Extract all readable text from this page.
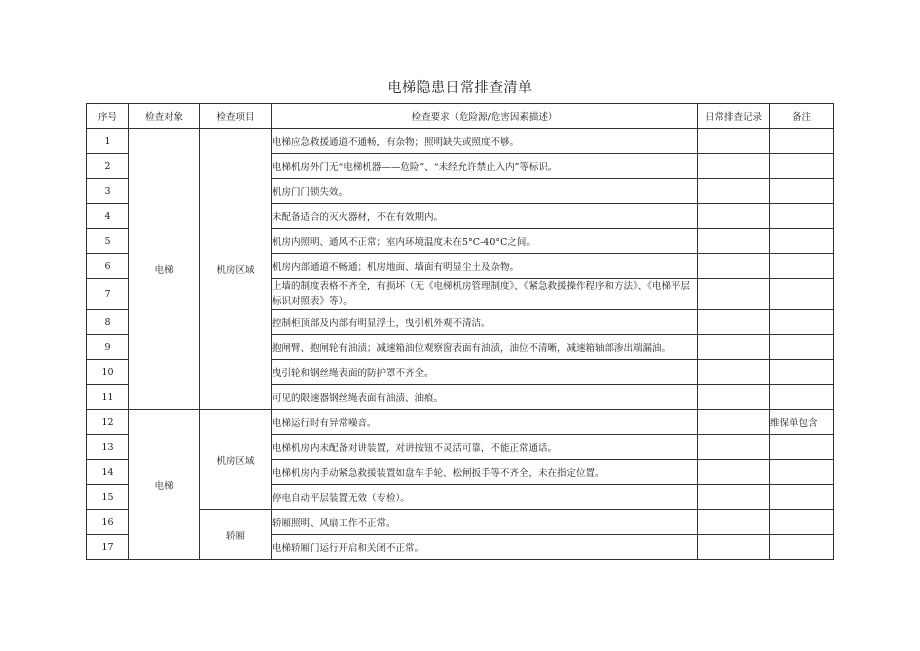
电梯隐患日常排查清单
序号	检查对象	检查项目	检查要求（危险源/危害因素描述）	日常排查记录	备注
1	电梯	机房区域	电梯应急救援通道不通畅，有杂物；照明缺失或照度不够。		
2			电梯机房外门无“电梯机器——危险”、“未经允许禁止入内”等标识。		
3			机房门门锁失效。		
4			未配备适合的灭火器材，不在有效期内。		
5			机房内照明、通风不正常；室内环境温度未在5°C-40°C之间。		
6			机房内部通道不畅通；机房地面、墙面有明显尘土及杂物。		
7			上墙的制度表格不齐全，有损坏（无《电梯机房管理制度》、《紧急救援操作程序和方法》、《电梯平层标识对照表》等）。		
8			控制柜顶部及内部有明显浮土，曳引机外观不清洁。		
9			抱闸臂、抱闸轮有油渍；减速箱油位观察窗表面有油渍，油位不清晰，减速箱轴部渗出端漏油。		
10			曳引轮和钢丝绳表面的防护罩不齐全。		
11			可见的限速器钢丝绳表面有油渍、油痕。		
12	电梯	机房区域	电梯运行时有异常噪音。		维保单包含
13			电梯机房内未配备对讲装置，对讲按钮不灵活可靠，不能正常通话。		
14			电梯机房内手动紧急救援装置如盘车手轮、松闸扳手等不齐全，未在指定位置。		
15			停电自动平层装置无效（专检）。		
16		轿厢	轿厢照明、风扇工作不正常。		
17			电梯轿厢门运行开启和关闭不正常。		
